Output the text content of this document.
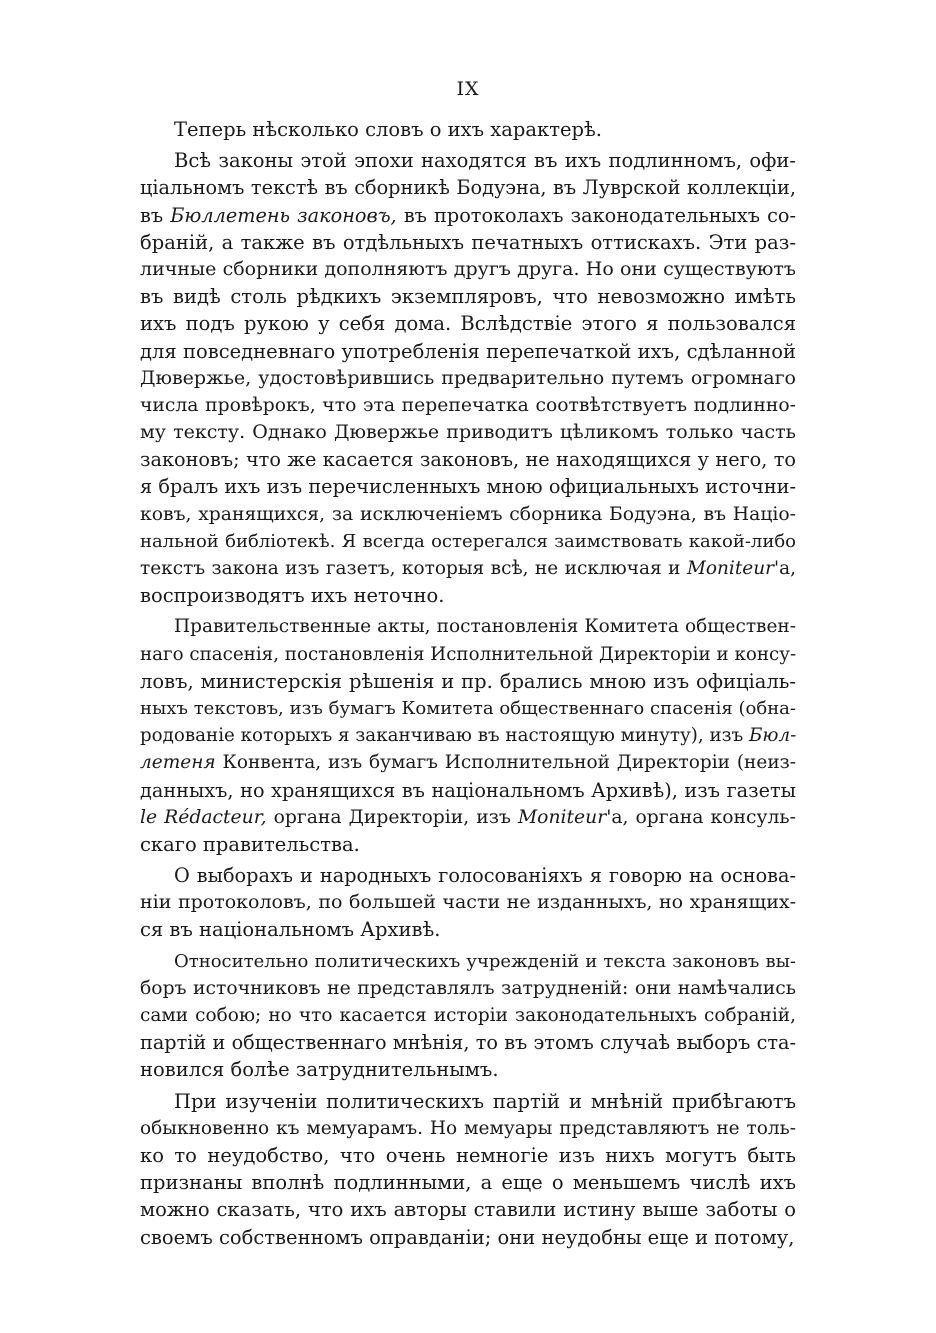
IX
Теперь нѣсколько словъ о ихъ характерѣ.
Всѣ законы этой эпохи находятся въ ихъ подлинномъ, офи-
ціальномъ текстѣ въ сборникѣ Бодуэна, въ Луврской коллекціи,
въ Бюллетень законовъ, въ протоколахъ законодательныхъ со-
браній, а также въ отдѣльныхъ печатныхъ оттискахъ. Эти раз-
личные сборники дополняютъ другъ друга. Но они существуютъ
въ видѣ столь рѣдкихъ экземпляровъ, что невозможно имѣть
ихъ подъ рукою у себя дома. Вслѣдствіе этого я пользовался
для повседневнаго употребленія перепечаткой ихъ, сдѣланной
Дювержье, удостовѣрившись предварительно путемъ огромнаго
числа провѣрокъ, что эта перепечатка соотвѣтствуетъ подлинно-
му тексту. Однако Дювержье приводитъ цѣликомъ только часть
законовъ; что же касается законовъ, не находящихся у него, то
я бралъ ихъ изъ перечисленныхъ мною официальныхъ источни-
ковъ, хранящихся, за исключеніемъ сборника Бодуэна, въ Націо-
нальной библіотекѣ. Я всегда остерегался заимствовать какой-либо
текстъ закона изъ газетъ, которыя всѣ, не исключая и Moniteur'а,
воспроизводятъ ихъ неточно.
Правительственные акты, постановленія Комитета обществен-
наго спасенія, постановленія Исполнительной Директоріи и консу-
ловъ, министерскія рѣшенія и пр. брались мною изъ офиціаль-
ныхъ текстовъ, изъ бумагъ Комитета общественнаго спасенія (обна-
родованіе которыхъ я заканчиваю въ настоящую минуту), изъ Бюл-
летеня Конвента, изъ бумагъ Исполнительной Директоріи (неиз-
данныхъ, но хранящихся въ національномъ Архивѣ), изъ газеты
le Rédacteur, органа Директоріи, изъ Moniteur'а, органа консуль-
скаго правительства.
О выборахъ и народныхъ голосованіяхъ я говорю на основа-
ніи протоколовъ, по большей части не изданныхъ, но хранящих-
ся въ національномъ Архивѣ.
Относительно политическихъ учрежденій и текста законовъ вы-
боръ источниковъ не представлялъ затрудненій: они намѣчались
сами собою; но что касается исторіи законодательныхъ собраній,
партій и общественнаго мнѣнія, то въ этомъ случаѣ выборъ ста-
новился болѣе затруднительнымъ.
При изученіи политическихъ партій и мнѣній прибѣгаютъ
обыкновенно къ мемуарамъ. Но мемуары представляютъ не толь-
ко то неудобство, что очень немногіе изъ нихъ могутъ быть
признаны вполнѣ подлинными, а еще о меньшемъ числѣ ихъ
можно сказать, что ихъ авторы ставили истину выше заботы о
своемъ собственномъ оправданіи; они неудобны еще и потому,
